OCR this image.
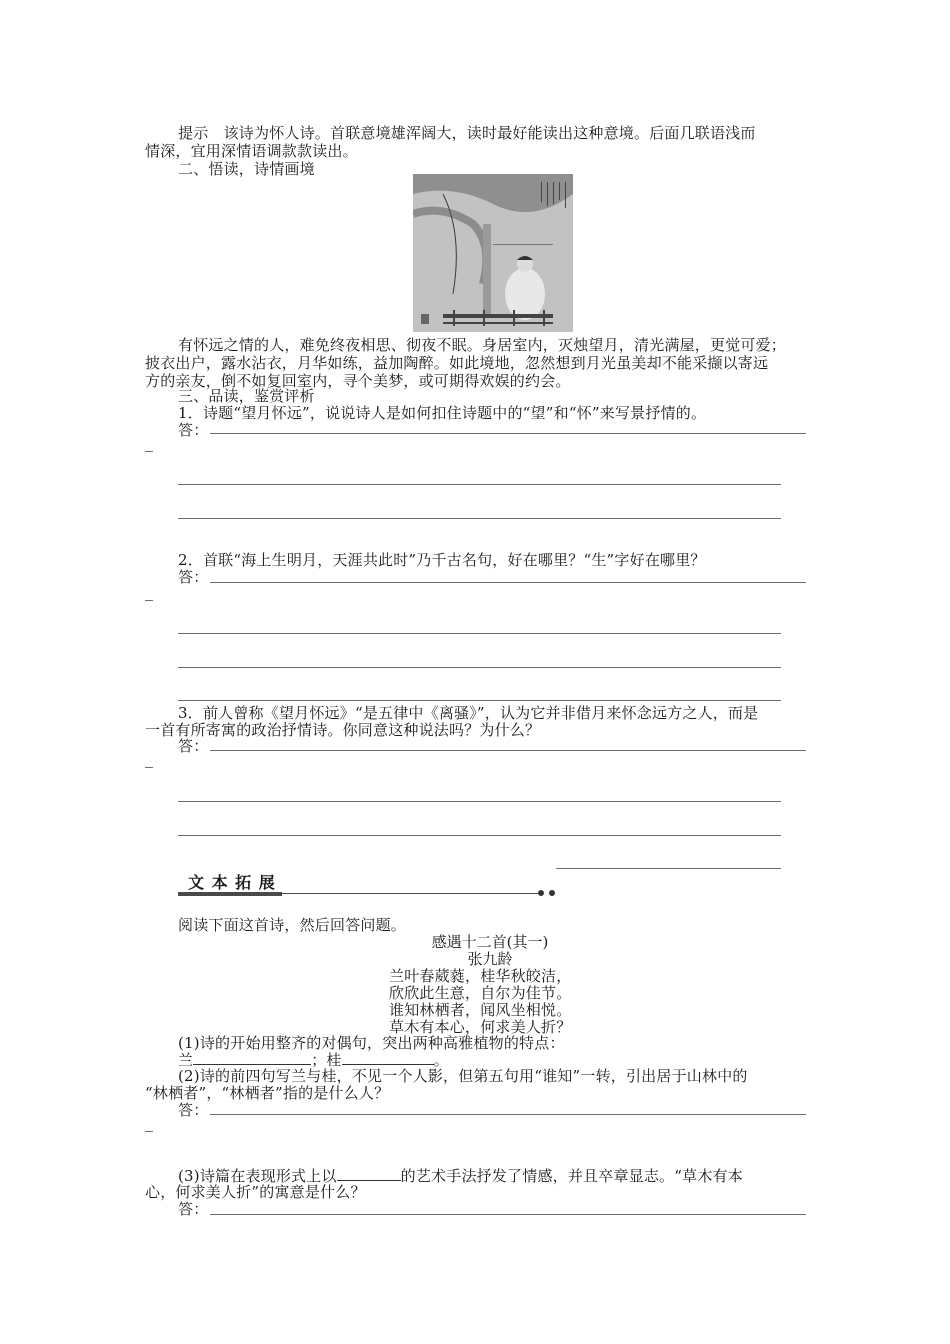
提示　该诗为怀人诗。首联意境雄浑阔大，读时最好能读出这种意境。后面几联语浅而
情深，宜用深情语调款款读出。
二、悟读，诗情画境
有怀远之情的人，难免终夜相思、彻夜不眠。身居室内，灭烛望月，清光满屋，更觉可爱；
披衣出户，露水沾衣，月华如练，益加陶醉。如此境地，忽然想到月光虽美却不能采撷以寄远
方的亲友，倒不如复回室内，寻个美梦，或可期得欢娱的约会。
三、品读，鉴赏评析
1．诗题“望月怀远”，说说诗人是如何扣住诗题中的“望”和“怀”来写景抒情的。
答：
2．首联“海上生明月，天涯共此时”乃千古名句，好在哪里？“生”字好在哪里？
答：
3．前人曾称《望月怀远》“是五律中《离骚》”，认为它并非借月来怀念远方之人，而是
一首有所寄寓的政治抒情诗。你同意这种说法吗？为什么？
答：
文 本 拓 展
阅读下面这首诗，然后回答问题。
感遇十二首(其一)
张九龄
兰叶春葳蕤，桂华秋皎洁，
欣欣此生意，自尔为佳节。
谁知林栖者，闻风坐相悦。
草木有本心，何求美人折？
(1)诗的开始用整齐的对偶句，突出两种高雅植物的特点：
兰	；桂	。
(2)诗的前四句写兰与桂，不见一个人影，但第五句用“谁知”一转，引出居于山林中的
“林栖者”，“林栖者”指的是什么人？
答：
(3)诗篇在表现形式上以	的艺术手法抒发了情感，并且卒章显志。“草木有本
心，何求美人折”的寓意是什么？
答：
